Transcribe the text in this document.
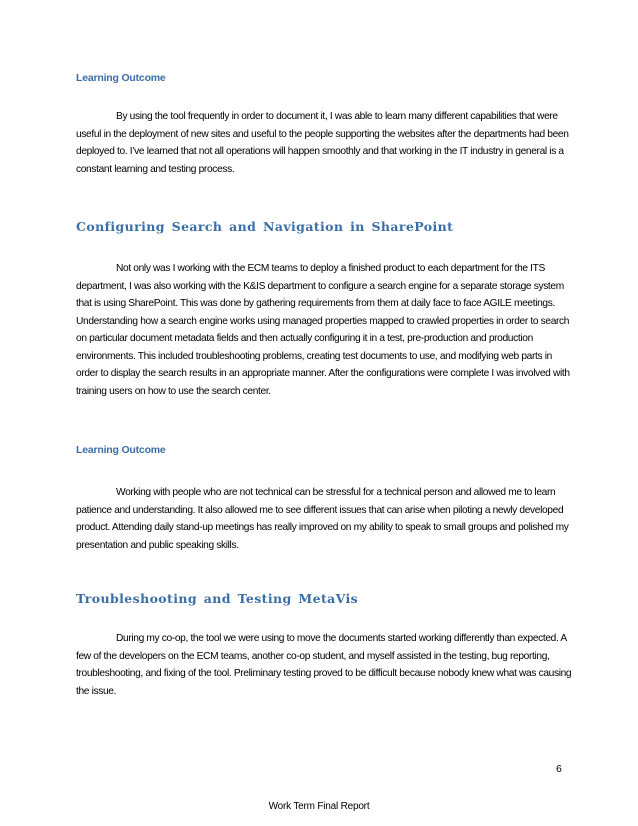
Learning Outcome

By using the tool frequently in order to document it, I was able to learn many different capabilities that were useful in the deployment of new sites and useful to the people supporting the websites after the departments had been deployed to. I’ve learned that not all operations will happen smoothly and that working in the IT industry in general is a constant learning and testing process.

Configuring Search and Navigation in SharePoint

Not only was I working with the ECM teams to deploy a finished product to each department for the ITS department, I was also working with the K&IS department to configure a search engine for a separate storage system that is using SharePoint. This was done by gathering requirements from them at daily face to face AGILE meetings. Understanding how a search engine works using managed properties mapped to crawled properties in order to search on particular document metadata fields and then actually configuring it in a test, pre-production and production environments. This included troubleshooting problems, creating test documents to use, and modifying web parts in order to display the search results in an appropriate manner. After the configurations were complete I was involved with training users on how to use the search center.

Learning Outcome

Working with people who are not technical can be stressful for a technical person and allowed me to learn patience and understanding. It also allowed me to see different issues that can arise when piloting a newly developed product. Attending daily stand-up meetings has really improved on my ability to speak to small groups and polished my presentation and public speaking skills.

Troubleshooting and Testing MetaVis

During my co-op, the tool we were using to move the documents started working differently than expected. A few of the developers on the ECM teams, another co-op student, and myself assisted in the testing, bug reporting, troubleshooting, and fixing of the tool. Preliminary testing proved to be difficult because nobody knew what was causing the issue.

6
Work Term Final Report
